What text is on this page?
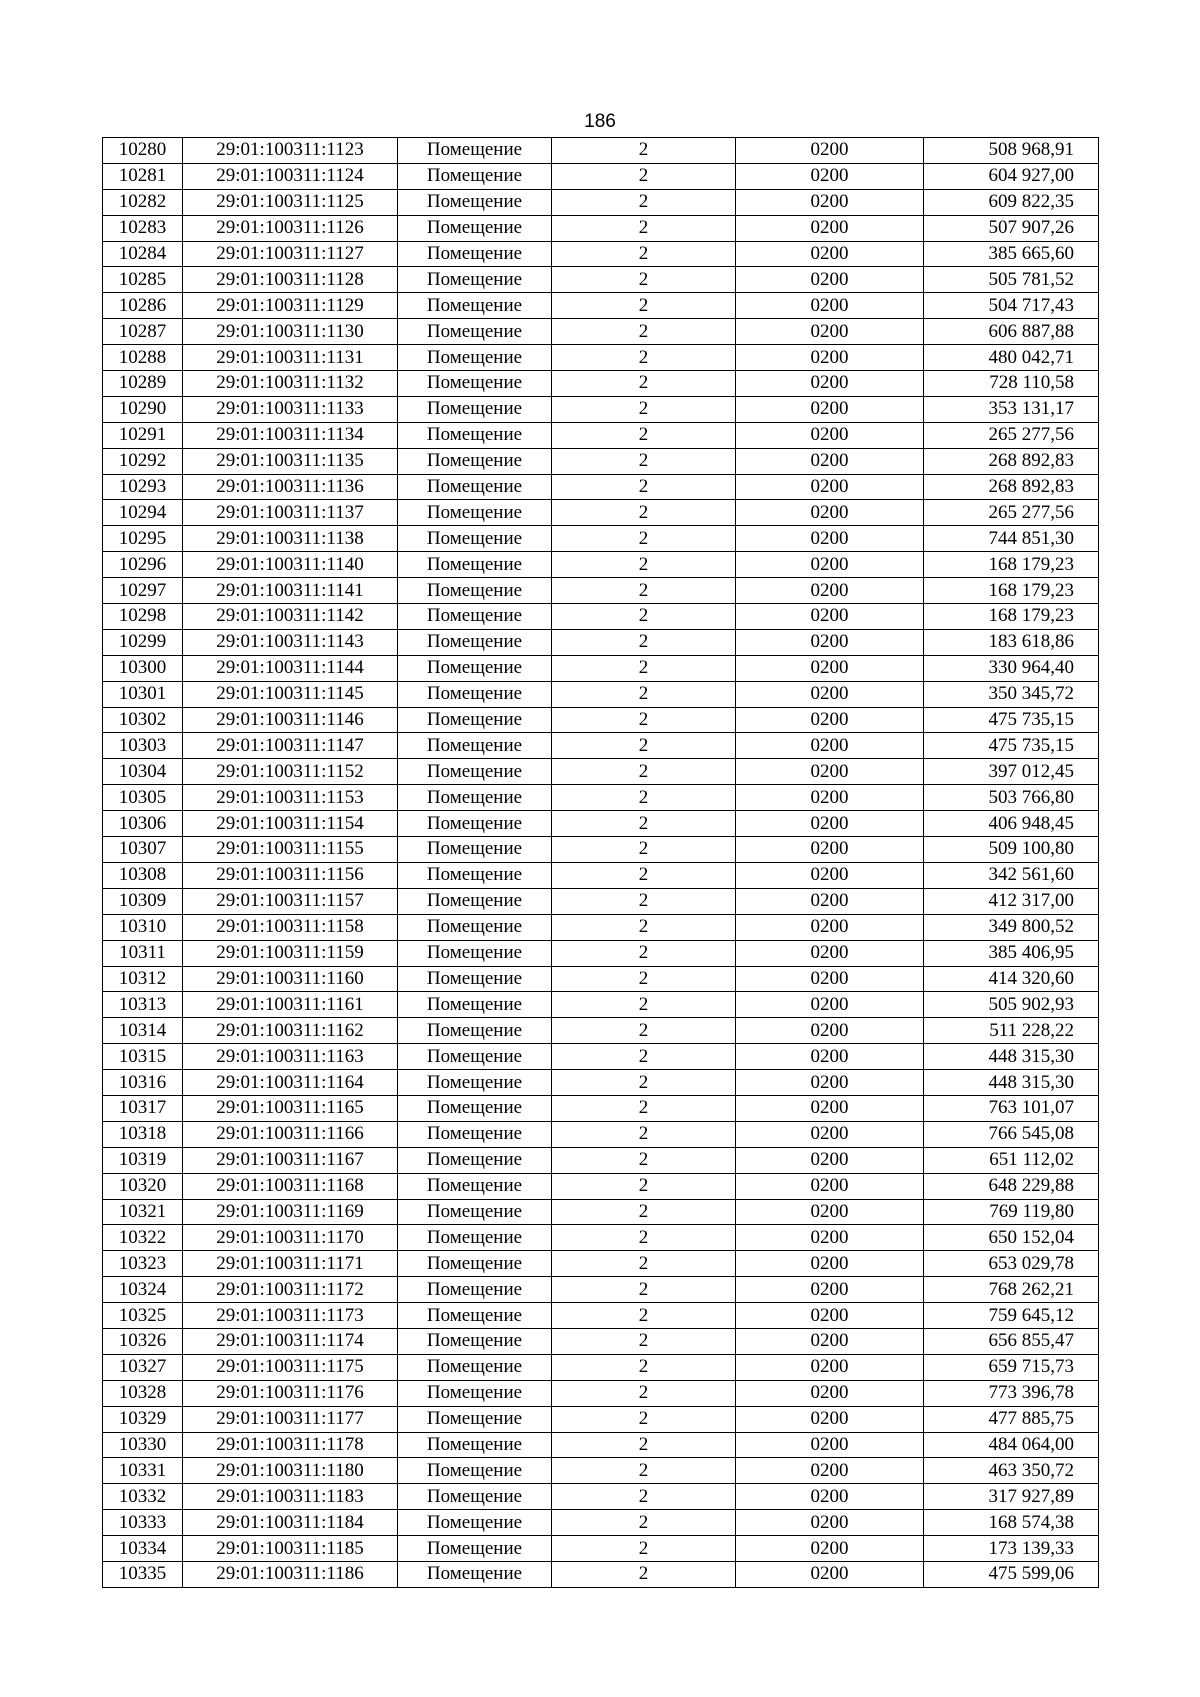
186
10280	29:01:100311:1123	Помещение	2	0200	508 968,91
10281	29:01:100311:1124	Помещение	2	0200	604 927,00
10282	29:01:100311:1125	Помещение	2	0200	609 822,35
10283	29:01:100311:1126	Помещение	2	0200	507 907,26
10284	29:01:100311:1127	Помещение	2	0200	385 665,60
10285	29:01:100311:1128	Помещение	2	0200	505 781,52
10286	29:01:100311:1129	Помещение	2	0200	504 717,43
10287	29:01:100311:1130	Помещение	2	0200	606 887,88
10288	29:01:100311:1131	Помещение	2	0200	480 042,71
10289	29:01:100311:1132	Помещение	2	0200	728 110,58
10290	29:01:100311:1133	Помещение	2	0200	353 131,17
10291	29:01:100311:1134	Помещение	2	0200	265 277,56
10292	29:01:100311:1135	Помещение	2	0200	268 892,83
10293	29:01:100311:1136	Помещение	2	0200	268 892,83
10294	29:01:100311:1137	Помещение	2	0200	265 277,56
10295	29:01:100311:1138	Помещение	2	0200	744 851,30
10296	29:01:100311:1140	Помещение	2	0200	168 179,23
10297	29:01:100311:1141	Помещение	2	0200	168 179,23
10298	29:01:100311:1142	Помещение	2	0200	168 179,23
10299	29:01:100311:1143	Помещение	2	0200	183 618,86
10300	29:01:100311:1144	Помещение	2	0200	330 964,40
10301	29:01:100311:1145	Помещение	2	0200	350 345,72
10302	29:01:100311:1146	Помещение	2	0200	475 735,15
10303	29:01:100311:1147	Помещение	2	0200	475 735,15
10304	29:01:100311:1152	Помещение	2	0200	397 012,45
10305	29:01:100311:1153	Помещение	2	0200	503 766,80
10306	29:01:100311:1154	Помещение	2	0200	406 948,45
10307	29:01:100311:1155	Помещение	2	0200	509 100,80
10308	29:01:100311:1156	Помещение	2	0200	342 561,60
10309	29:01:100311:1157	Помещение	2	0200	412 317,00
10310	29:01:100311:1158	Помещение	2	0200	349 800,52
10311	29:01:100311:1159	Помещение	2	0200	385 406,95
10312	29:01:100311:1160	Помещение	2	0200	414 320,60
10313	29:01:100311:1161	Помещение	2	0200	505 902,93
10314	29:01:100311:1162	Помещение	2	0200	511 228,22
10315	29:01:100311:1163	Помещение	2	0200	448 315,30
10316	29:01:100311:1164	Помещение	2	0200	448 315,30
10317	29:01:100311:1165	Помещение	2	0200	763 101,07
10318	29:01:100311:1166	Помещение	2	0200	766 545,08
10319	29:01:100311:1167	Помещение	2	0200	651 112,02
10320	29:01:100311:1168	Помещение	2	0200	648 229,88
10321	29:01:100311:1169	Помещение	2	0200	769 119,80
10322	29:01:100311:1170	Помещение	2	0200	650 152,04
10323	29:01:100311:1171	Помещение	2	0200	653 029,78
10324	29:01:100311:1172	Помещение	2	0200	768 262,21
10325	29:01:100311:1173	Помещение	2	0200	759 645,12
10326	29:01:100311:1174	Помещение	2	0200	656 855,47
10327	29:01:100311:1175	Помещение	2	0200	659 715,73
10328	29:01:100311:1176	Помещение	2	0200	773 396,78
10329	29:01:100311:1177	Помещение	2	0200	477 885,75
10330	29:01:100311:1178	Помещение	2	0200	484 064,00
10331	29:01:100311:1180	Помещение	2	0200	463 350,72
10332	29:01:100311:1183	Помещение	2	0200	317 927,89
10333	29:01:100311:1184	Помещение	2	0200	168 574,38
10334	29:01:100311:1185	Помещение	2	0200	173 139,33
10335	29:01:100311:1186	Помещение	2	0200	475 599,06
